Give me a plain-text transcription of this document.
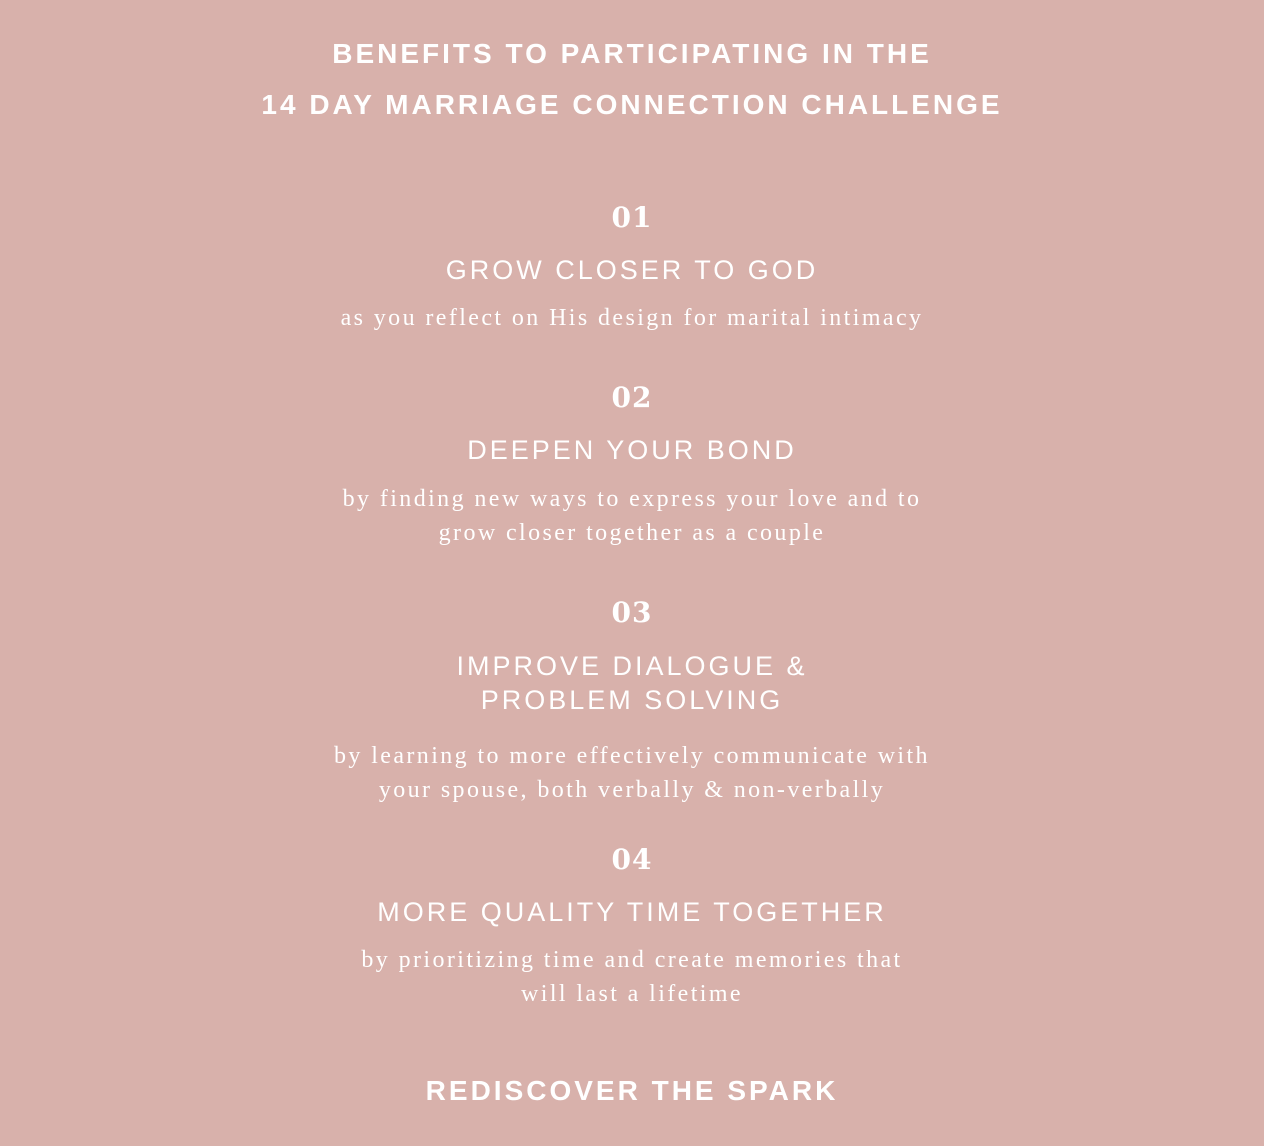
BENEFITS TO PARTICIPATING IN THE
14 DAY MARRIAGE CONNECTION CHALLENGE
01
GROW CLOSER TO GOD
as you reflect on His design for marital intimacy
02
DEEPEN YOUR BOND
by finding new ways to express your love and to
grow closer together as a couple
03
IMPROVE DIALOGUE &
PROBLEM SOLVING
by learning to more effectively communicate with
your spouse, both verbally & non-verbally
04
MORE QUALITY TIME TOGETHER
by prioritizing time and create memories that
will last a lifetime
REDISCOVER THE SPARK
